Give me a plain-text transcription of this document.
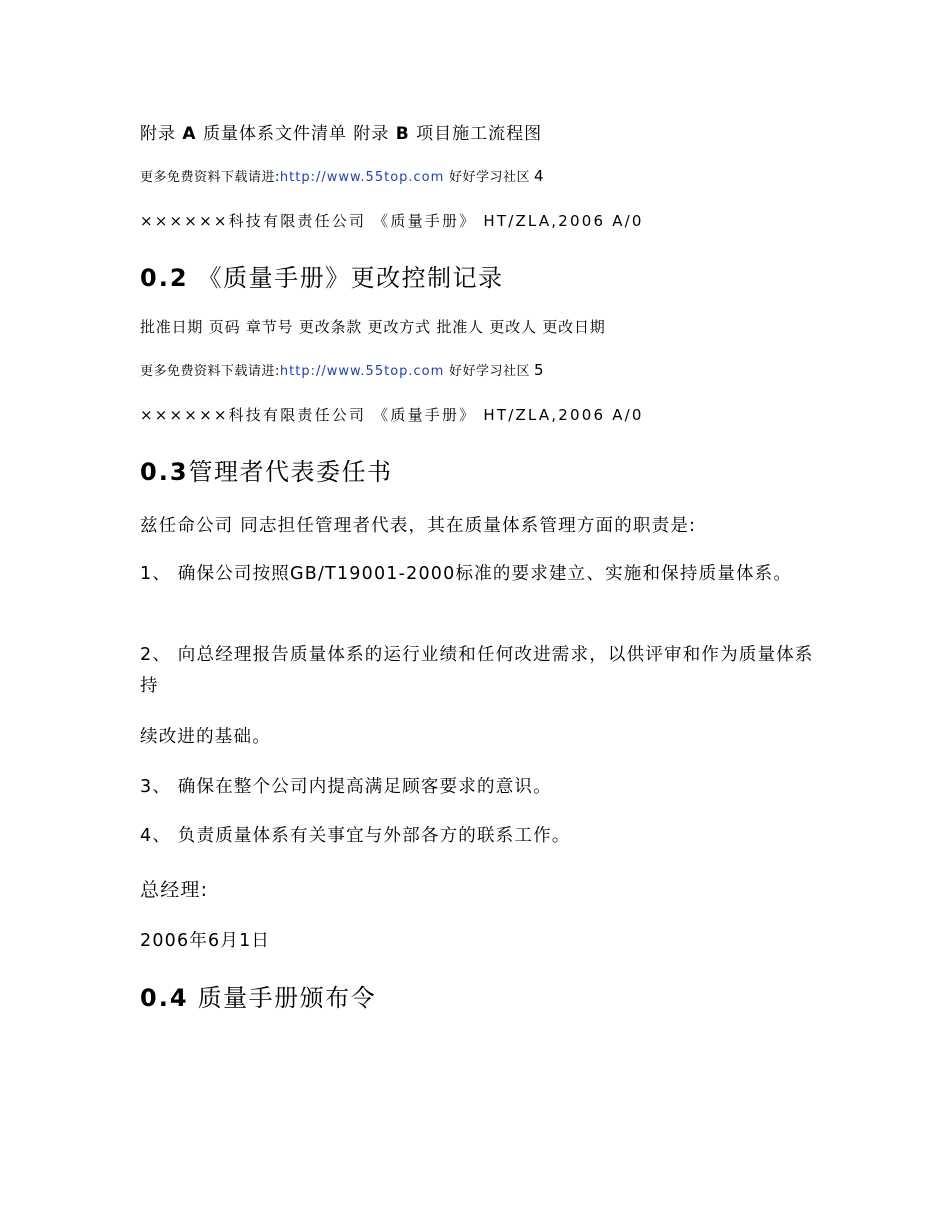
附录 A 质量体系文件清单 附录 B 项目施工流程图
更多免费资料下载请进:http://www.55top.com 好好学习社区 4
××××××科技有限责任公司 《质量手册》 HT/ZLA,2006 A/0
0.2 《质量手册》更改控制记录
批准日期 页码 章节号 更改条款 更改方式 批准人 更改人 更改日期
更多免费资料下载请进:http://www.55top.com 好好学习社区 5
××××××科技有限责任公司 《质量手册》 HT/ZLA,2006 A/0
0.3管理者代表委任书
兹任命公司 同志担任管理者代表，其在质量体系管理方面的职责是:
1、 确保公司按照GB/T19001-2000标准的要求建立、实施和保持质量体系。
2、 向总经理报告质量体系的运行业绩和任何改进需求，以供评审和作为质量体系持
续改进的基础。
3、 确保在整个公司内提高满足顾客要求的意识。
4、 负责质量体系有关事宜与外部各方的联系工作。
总经理:
2006年6月1日
0.4 质量手册颁布令
